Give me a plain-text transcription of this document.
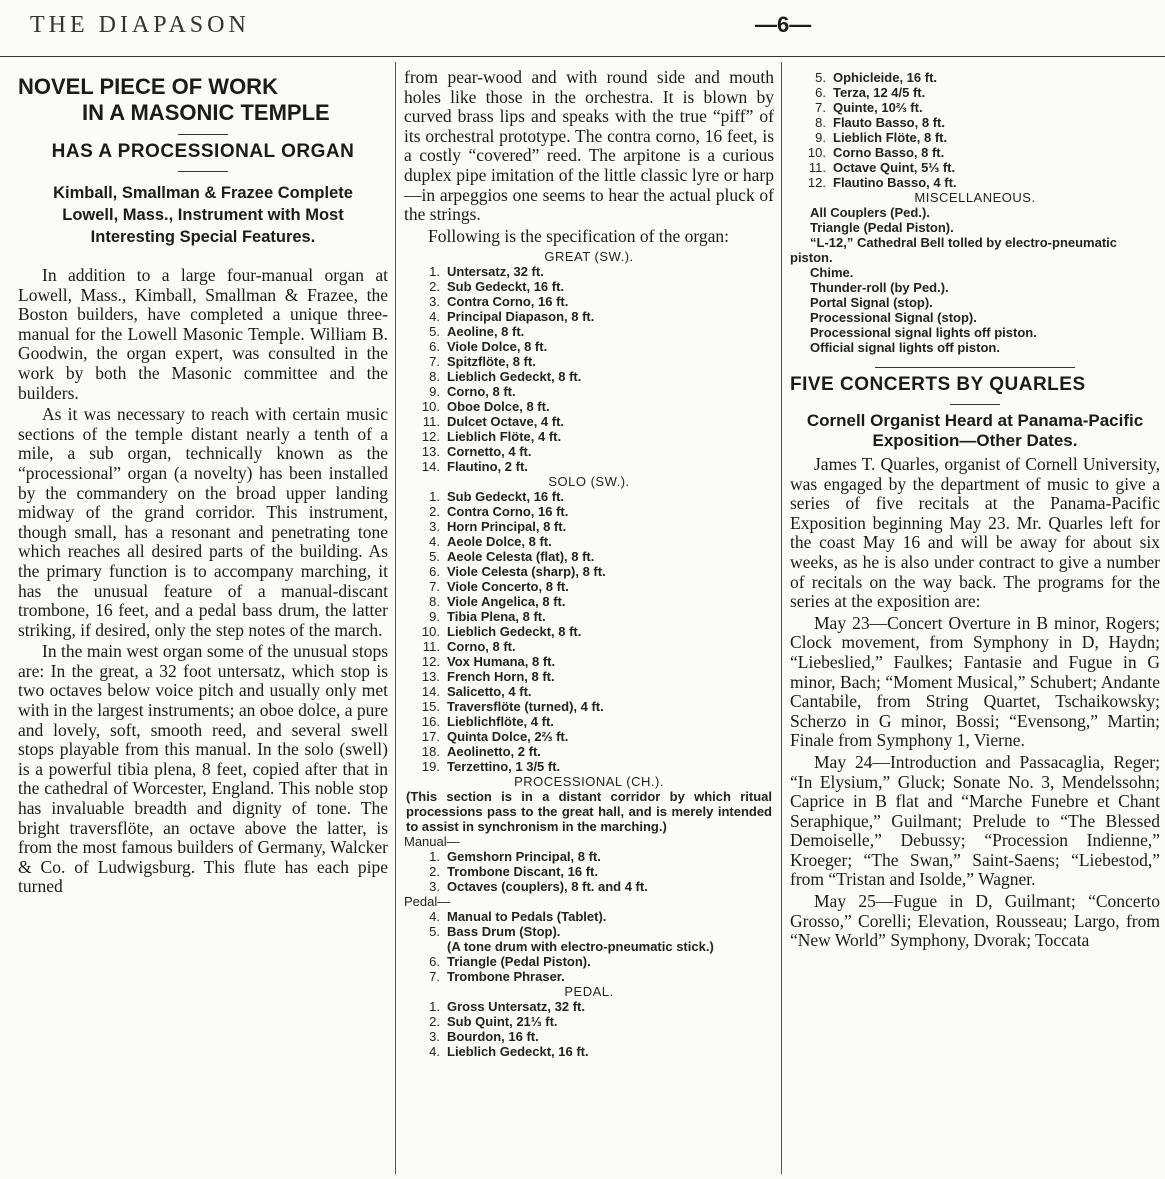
THE DIAPASON	—6—
NOVEL PIECE OF WORK
IN A MASONIC TEMPLE
HAS A PROCESSIONAL ORGAN
Kimball, Smallman & Frazee Complete Lowell, Mass., Instrument with Most Interesting Special Features.

In addition to a large four-manual organ at Lowell, Mass., Kimball, Smallman & Frazee, the Boston builders, have completed a unique three-manual for the Lowell Masonic Temple. William B. Goodwin, the organ expert, was consulted in the work by both the Masonic committee and the builders.

As it was necessary to reach with certain music sections of the temple distant nearly a tenth of a mile, a sub organ, technically known as the “processional” organ (a novelty) has been installed by the commandery on the broad upper landing midway of the grand corridor. This instrument, though small, has a resonant and penetrating tone which reaches all desired parts of the building. As the primary function is to accompany marching, it has the unusual feature of a manual-discant trombone, 16 feet, and a pedal bass drum, the latter striking, if desired, only the step notes of the march.

In the main west organ some of the unusual stops are: In the great, a 32 foot untersatz, which stop is two octaves below voice pitch and usually only met with in the largest instruments; an oboe dolce, a pure and lovely, soft, smooth reed, and several swell stops playable from this manual. In the solo (swell) is a powerful tibia plena, 8 feet, copied after that in the cathedral of Worcester, England. This noble stop has invaluable breadth and dignity of tone. The bright traversflöte, an octave above the latter, is from the most famous builders of Germany, Walcker & Co. of Ludwigsburg. This flute has each pipe turned

from pear-wood and with round side and mouth holes like those in the orchestra. It is blown by curved brass lips and speaks with the true “piff” of its orchestral prototype. The contra corno, 16 feet, is a costly “covered” reed. The arpitone is a curious duplex pipe imitation of the little classic lyre or harp—in arpeggios one seems to hear the actual pluck of the strings.

Following is the specification of the organ:

GREAT (SW.).
1. Untersatz, 32 ft.
2. Sub Gedeckt, 16 ft.
3. Contra Corno, 16 ft.
4. Principal Diapason, 8 ft.
5. Aeoline, 8 ft.
6. Viole Dolce, 8 ft.
7. Spitzflöte, 8 ft.
8. Lieblich Gedeckt, 8 ft.
9. Corno, 8 ft.
10. Oboe Dolce, 8 ft.
11. Dulcet Octave, 4 ft.
12. Lieblich Flöte, 4 ft.
13. Cornetto, 4 ft.
14. Flautino, 2 ft.
SOLO (SW.).
1. Sub Gedeckt, 16 ft.
2. Contra Corno, 16 ft.
3. Horn Principal, 8 ft.
4. Aeole Dolce, 8 ft.
5. Aeole Celesta (flat), 8 ft.
6. Viole Celesta (sharp), 8 ft.
7. Viole Concerto, 8 ft.
8. Viole Angelica, 8 ft.
9. Tibia Plena, 8 ft.
10. Lieblich Gedeckt, 8 ft.
11. Corno, 8 ft.
12. Vox Humana, 8 ft.
13. French Horn, 8 ft.
14. Salicetto, 4 ft.
15. Traversflöte (turned), 4 ft.
16. Lieblichflöte, 4 ft.
17. Quinta Dolce, 2⅔ ft.
18. Aeolinetto, 2 ft.
19. Terzettino, 1 3/5 ft.
PROCESSIONAL (CH.).
(This section is in a distant corridor by which ritual processions pass to the great hall, and is merely intended to assist in synchronism in the marching.)
Manual—
1. Gemshorn Principal, 8 ft.
2. Trombone Discant, 16 ft.
3. Octaves (couplers), 8 ft. and 4 ft.
Pedal—
4. Manual to Pedals (Tablet).
5. Bass Drum (Stop).
(A tone drum with electro-pneumatic stick.)
6. Triangle (Pedal Piston).
7. Trombone Phraser.
PEDAL.
1. Gross Untersatz, 32 ft.
2. Sub Quint, 21⅓ ft.
3. Bourdon, 16 ft.
4. Lieblich Gedeckt, 16 ft.
5. Ophicleide, 16 ft.
6. Terza, 12 4/5 ft.
7. Quinte, 10⅔ ft.
8. Flauto Basso, 8 ft.
9. Lieblich Flöte, 8 ft.
10. Corno Basso, 8 ft.
11. Octave Quint, 5⅓ ft.
12. Flautino Basso, 4 ft.
MISCELLANEOUS.
All Couplers (Ped.).
Triangle (Pedal Piston).
“L-12,” Cathedral Bell tolled by electro-pneumatic piston.
Chime.
Thunder-roll (by Ped.).
Portal Signal (stop).
Processional Signal (stop).
Processional signal lights off piston.
Official signal lights off piston.
FIVE CONCERTS BY QUARLES
Cornell Organist Heard at Panama-Pacific Exposition—Other Dates.

James T. Quarles, organist of Cornell University, was engaged by the department of music to give a series of five recitals at the Panama-Pacific Exposition beginning May 23. Mr. Quarles left for the coast May 16 and will be away for about six weeks, as he is also under contract to give a number of recitals on the way back. The programs for the series at the exposition are:

May 23—Concert Overture in B minor, Rogers; Clock movement, from Symphony in D, Haydn; “Liebeslied,” Faulkes; Fantasie and Fugue in G minor, Bach; “Moment Musical,” Schubert; Andante Cantabile, from String Quartet, Tschaikowsky; Scherzo in G minor, Bossi; “Evensong,” Martin; Finale from Symphony 1, Vierne.

May 24—Introduction and Passacaglia, Reger; “In Elysium,” Gluck; Sonate No. 3, Mendelssohn; Caprice in B flat and “Marche Funebre et Chant Seraphique,” Guilmant; Prelude to “The Blessed Demoiselle,” Debussy; “Procession Indienne,” Kroeger; “The Swan,” Saint-Saens; “Liebestod,” from “Tristan and Isolde,” Wagner.

May 25—Fugue in D, Guilmant; “Concerto Grosso,” Corelli; Elevation, Rousseau; Largo, from “New World” Symphony, Dvorak; Toccata
